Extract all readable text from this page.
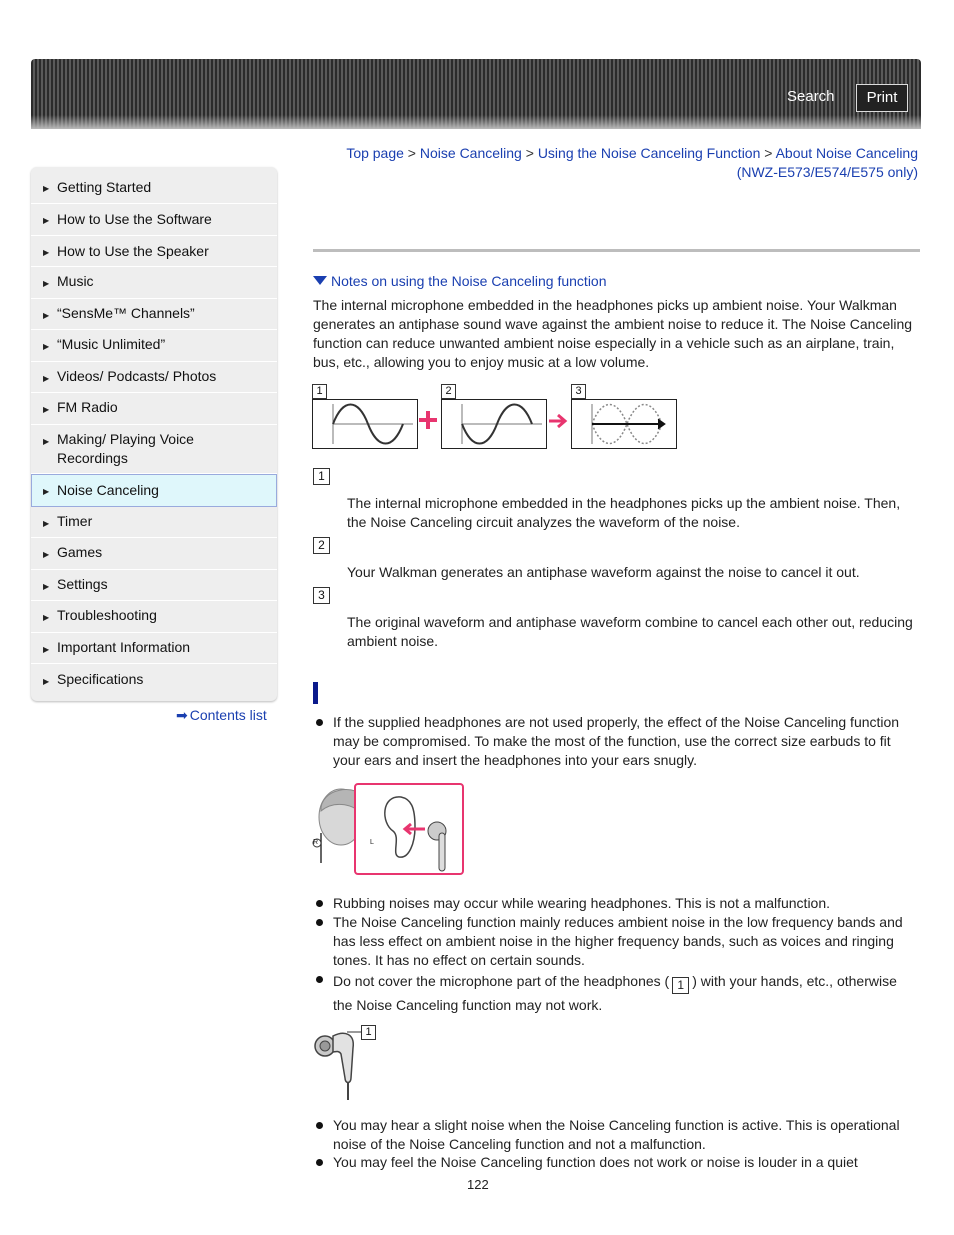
Search	Print
▶ Getting Started
▶ How to Use the Software
▶ How to Use the Speaker
▶ Music
▶ “SensMe™ Channels”
▶ “Music Unlimited”
▶ Videos/ Podcasts/ Photos
▶ FM Radio
▶ Making/ Playing Voice
Recordings
▶ Noise Canceling
▶ Timer
▶ Games
▶ Settings
▶ Troubleshooting
▶ Important Information
▶ Specifications
➡ Contents list
Top page > Noise Canceling > Using the Noise Canceling Function > About Noise Canceling
(NWZ-E573/E574/E575 only)
Notes on using the Noise Canceling function
The internal microphone embedded in the headphones picks up ambient noise. Your Walkman generates an antiphase sound wave against the ambient noise to reduce it. The Noise Canceling function can reduce unwanted ambient noise especially in a vehicle such as an airplane, train, bus, etc., allowing you to enjoy music at a low volume.
1	2	3
1
The internal microphone embedded in the headphones picks up the ambient noise. Then, the Noise Canceling circuit analyzes the waveform of the noise.
2
Your Walkman generates an antiphase waveform against the noise to cancel it out.
3
The original waveform and antiphase waveform combine to cancel each other out, reducing ambient noise.
If the supplied headphones are not used properly, the effect of the Noise Canceling function may be compromised. To make the most of the function, use the correct size earbuds to fit your ears and insert the headphones into your ears snugly.
R	L
Rubbing noises may occur while wearing headphones. This is not a malfunction.
The Noise Canceling function mainly reduces ambient noise in the low frequency bands and has less effect on ambient noise in the higher frequency bands, such as voices and ringing tones. It has no effect on certain sounds.
Do not cover the microphone part of the headphones ( 1 ) with your hands, etc., otherwise the Noise Canceling function may not work.
1
You may hear a slight noise when the Noise Canceling function is active. This is operational noise of the Noise Canceling function and not a malfunction.
You may feel the Noise Canceling function does not work or noise is louder in a quiet
122
